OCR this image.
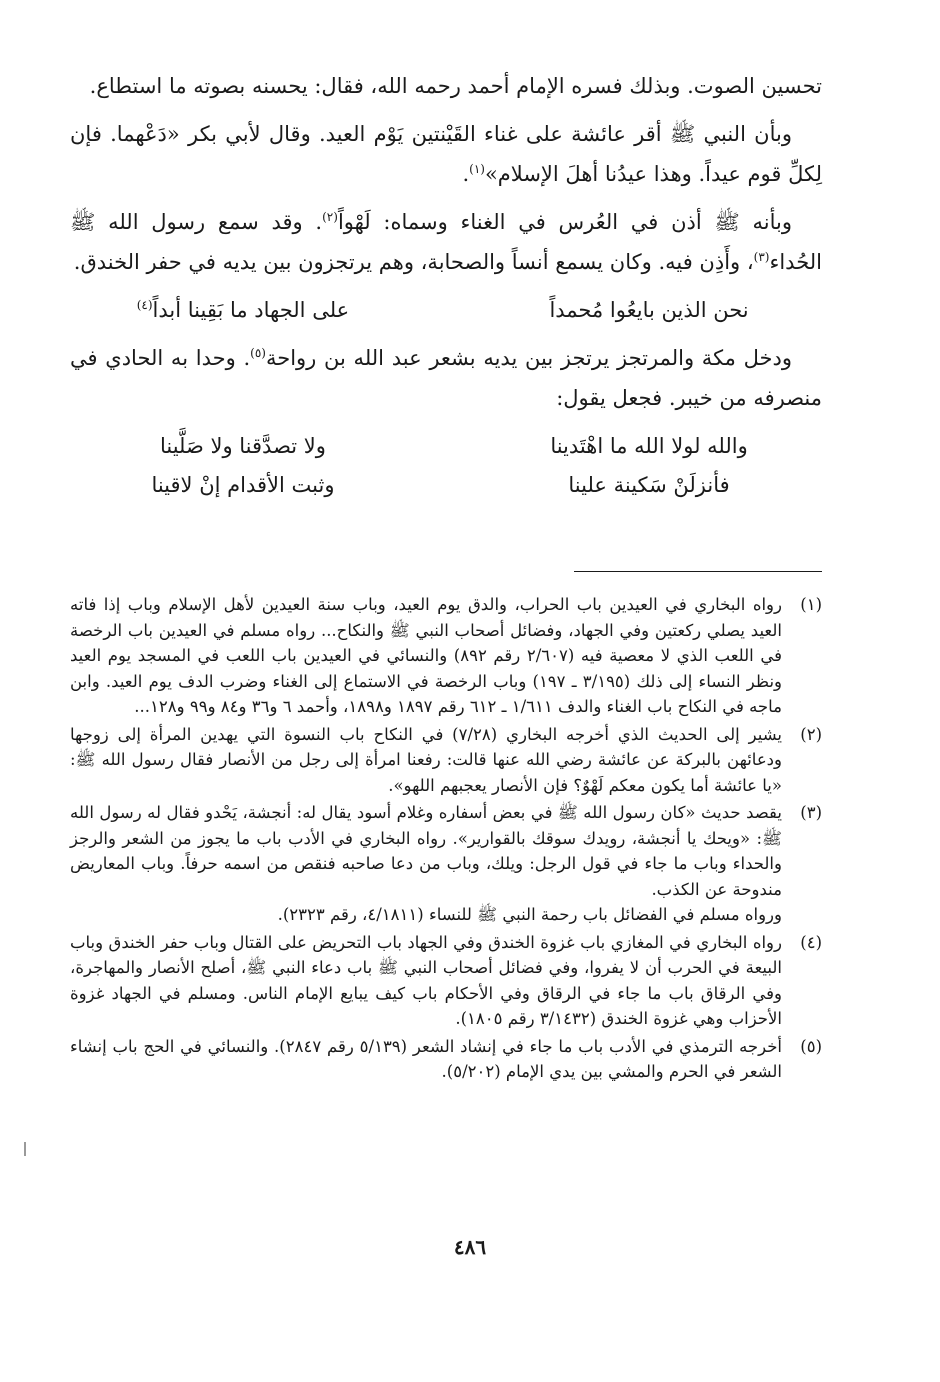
تحسين الصوت. وبذلك فسره الإمام أحمد رحمه الله، فقال: يحسنه بصوته ما استطاع.

وبأن النبي ﷺ أقر عائشة على غناء القَيْنتين يَوْم العيد. وقال لأبي بكر «دَعْهما. فإن لِكلِّ قوم عيداً. وهذا عيدُنا أهلَ الإسلام»$^{(١)}$.

وبأنه ﷺ أذن في العُرس في الغناء وسماه: لَهْواً$^{(٢)}$. وقد سمع رسول الله ﷺ الحُداء$^{(٣)}$، وأَذِن فيه. وكان يسمع أنساً والصحابة، وهم يرتجزون بين يديه في حفر الخندق.

نحن الذين بايعُوا مُحمداً
على الجهاد ما بَقِينا أبداً$^{(٤)}$

ودخل مكة والمرتجز يرتجز بين يديه بشعر عبد الله بن رواحة$^{(٥)}$. وحدا به الحادي في منصرفه من خيبر. فجعل يقول:

والله لولا الله ما اهْتَدينا
ولا تصدَّقنا ولا صَلَّينا
فأنزلَنْ سَكينة علينا
وثبت الأقدام إنْ لاقينا
(١)
رواه البخاري في العيدين باب الحراب، والدق يوم العيد، وباب سنة العيدين لأهل الإسلام وباب إذا فاته العيد يصلي ركعتين وفي الجهاد، وفضائل أصحاب النبي ﷺ والنكاح... رواه مسلم في العيدين باب الرخصة في اللعب الذي لا معصية فيه (٢/٦٠٧ رقم ٨٩٢) والنسائي في العيدين باب اللعب في المسجد يوم العيد ونظر النساء إلى ذلك (٣/١٩٥ ـ ١٩٧) وباب الرخصة في الاستماع إلى الغناء وضرب الدف يوم العيد. وابن ماجه في النكاح باب الغناء والدف ١/٦١١ ـ ٦١٢ رقم ١٨٩٧ و١٨٩٨، وأحمد ٦ و٣٦ و٨٤ و٩٩ و١٢٨...
(٢)
يشير إلى الحديث الذي أخرجه البخاري (٧/٢٨) في النكاح باب النسوة التي يهدين المرأة إلى زوجها ودعائهن بالبركة عن عائشة رضي الله عنها قالت: رفعنا امرأة إلى رجل من الأنصار فقال رسول الله ﷺ: «يا عائشة أما يكون معكم لَهْوٌ؟ فإن الأنصار يعجبهم اللهو».
(٣)
يقصد حديث «كان رسول الله ﷺ في بعض أسفاره وغلام أسود يقال له: أنجشة، يَحْدو فقال له رسول الله ﷺ: «ويحك يا أنجشة، رويدك سوقك بالقوارير». رواه البخاري في الأدب باب ما يجوز من الشعر والرجز والحداء وباب ما جاء في قول الرجل: ويلك، وباب من دعا صاحبه فنقص من اسمه حرفاً. وباب المعاريض مندوحة عن الكذب.
ورواه مسلم في الفضائل باب رحمة النبي ﷺ للنساء (٤/١٨١١، رقم ٢٣٢٣).
(٤)
رواه البخاري في المغازي باب غزوة الخندق وفي الجهاد باب التحريض على القتال وباب حفر الخندق وباب البيعة في الحرب أن لا يفروا، وفي فضائل أصحاب النبي ﷺ باب دعاء النبي ﷺ، أصلح الأنصار والمهاجرة، وفي الرقاق باب ما جاء في الرقاق وفي الأحكام باب كيف يبايع الإمام الناس. ومسلم في الجهاد غزوة الأحزاب وهي غزوة الخندق (٣/١٤٣٢ رقم ١٨٠٥).
(٥)
أخرجه الترمذي في الأدب باب ما جاء في إنشاد الشعر (٥/١٣٩ رقم ٢٨٤٧). والنسائي في الحج باب إنشاء الشعر في الحرم والمشي بين يدي الإمام (٥/٢٠٢).
٤٨٦
